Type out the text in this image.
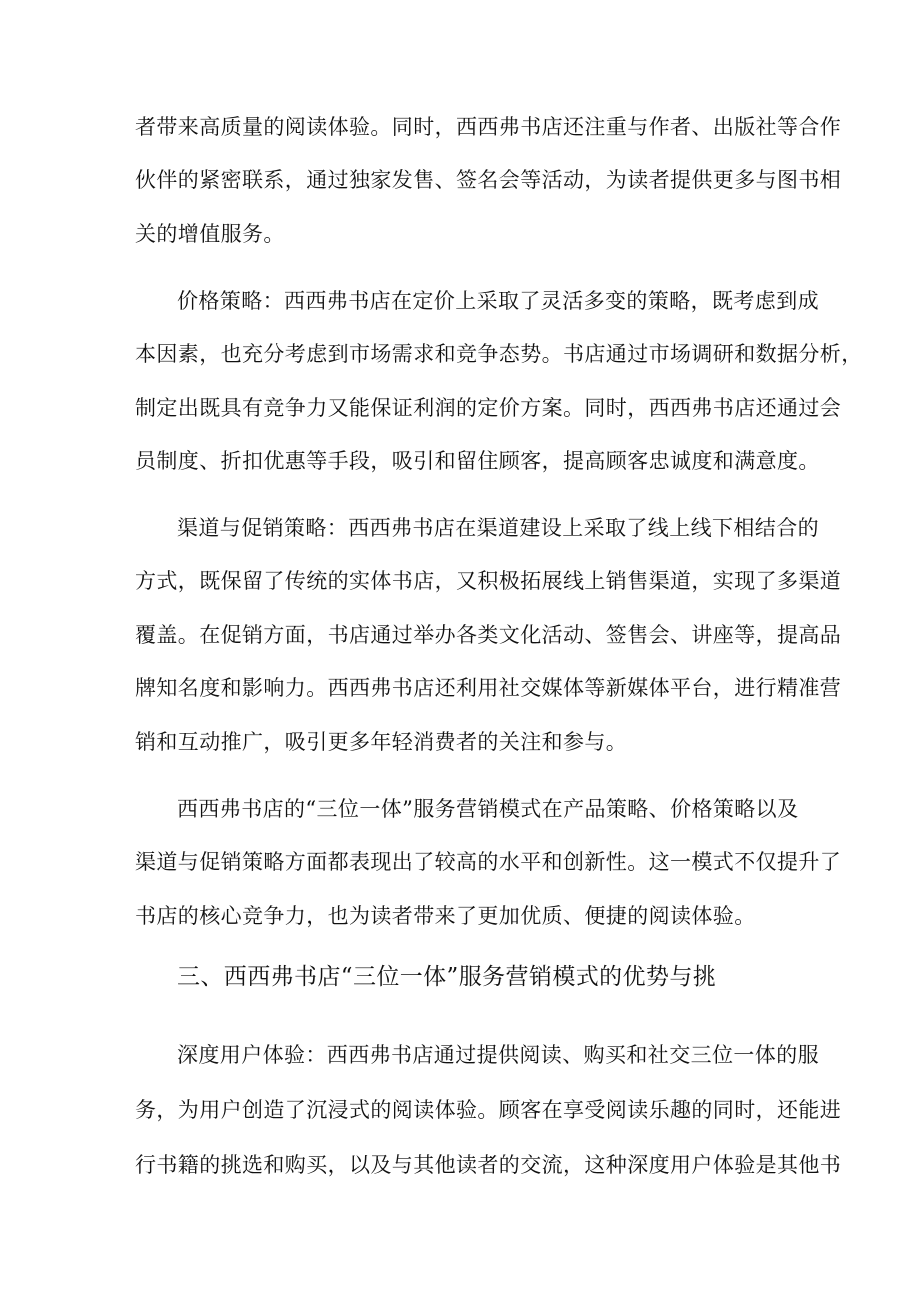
者带来高质量的阅读体验。同时，西西弗书店还注重与作者、出版社等合作
伙伴的紧密联系，通过独家发售、签名会等活动，为读者提供更多与图书相
关的增值服务。
价格策略：西西弗书店在定价上采取了灵活多变的策略，既考虑到成
本因素，也充分考虑到市场需求和竞争态势。书店通过市场调研和数据分析，
制定出既具有竞争力又能保证利润的定价方案。同时，西西弗书店还通过会
员制度、折扣优惠等手段，吸引和留住顾客，提高顾客忠诚度和满意度。
渠道与促销策略：西西弗书店在渠道建设上采取了线上线下相结合的
方式，既保留了传统的实体书店，又积极拓展线上销售渠道，实现了多渠道
覆盖。在促销方面，书店通过举办各类文化活动、签售会、讲座等，提高品
牌知名度和影响力。西西弗书店还利用社交媒体等新媒体平台，进行精准营
销和互动推广，吸引更多年轻消费者的关注和参与。
西西弗书店的“三位一体”服务营销模式在产品策略、价格策略以及
渠道与促销策略方面都表现出了较高的水平和创新性。这一模式不仅提升了
书店的核心竞争力，也为读者带来了更加优质、便捷的阅读体验。
三、西西弗书店“三位一体”服务营销模式的优势与挑
深度用户体验：西西弗书店通过提供阅读、购买和社交三位一体的服
务，为用户创造了沉浸式的阅读体验。顾客在享受阅读乐趣的同时，还能进
行书籍的挑选和购买，以及与其他读者的交流，这种深度用户体验是其他书
